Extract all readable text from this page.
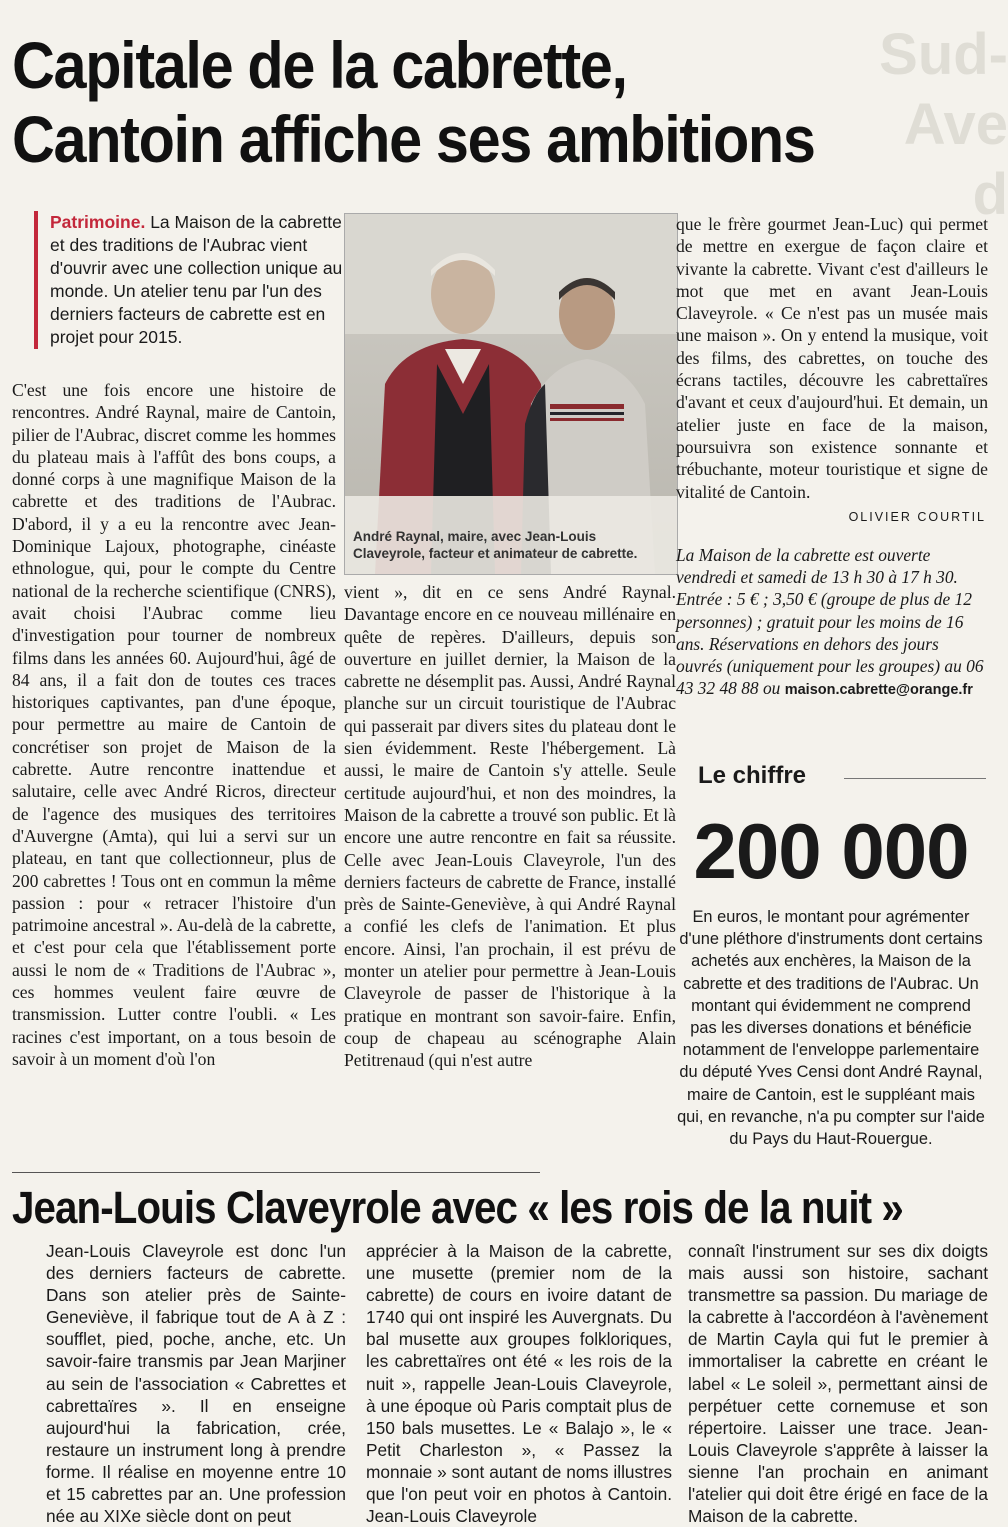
Sud-Ave
d
Capitale de la cabrette,
Cantoin affiche ses ambitions
Patrimoine. La Maison de la cabrette et des traditions de l'Aubrac vient d'ouvrir avec une collection unique au monde. Un atelier tenu par l'un des derniers facteurs de cabrette est en projet pour 2015.

C'est une fois encore une histoire de rencontres. André Raynal, maire de Cantoin, pilier de l'Aubrac, discret comme les hommes du plateau mais à l'affût des bons coups, a donné corps à une magnifique Maison de la cabrette et des traditions de l'Aubrac. D'abord, il y a eu la rencontre avec Jean-Dominique Lajoux, photographe, cinéaste ethnologue, qui, pour le compte du Centre national de la recherche scientifique (CNRS), avait choisi l'Aubrac comme lieu d'investigation pour tourner de nombreux films dans les années 60. Aujourd'hui, âgé de 84 ans, il a fait don de toutes ces traces historiques captivantes, pan d'une époque, pour permettre au maire de Cantoin de concrétiser son projet de Maison de la cabrette. Autre rencontre inattendue et salutaire, celle avec André Ricros, directeur de l'agence des musiques des territoires d'Auvergne (Amta), qui lui a servi sur un plateau, en tant que collectionneur, plus de 200 cabrettes ! Tous ont en commun la même passion : pour « retracer l'histoire d'un patrimoine ancestral ». Au-delà de la cabrette, et c'est pour cela que l'établissement porte aussi le nom de « Traditions de l'Aubrac », ces hommes veulent faire œuvre de transmission. Lutter contre l'oubli. « Les racines c'est important, on a tous besoin de savoir à un moment d'où l'on

André Raynal, maire, avec Jean-Louis Claveyrole, facteur et animateur de cabrette.

vient », dit en ce sens André Raynal. Davantage encore en ce nouveau millénaire en quête de repères. D'ailleurs, depuis son ouverture en juillet dernier, la Maison de la cabrette ne désemplit pas. Aussi, André Raynal planche sur un circuit touristique de l'Aubrac qui passerait par divers sites du plateau dont le sien évidemment. Reste l'hébergement. Là aussi, le maire de Cantoin s'y attelle. Seule certitude aujourd'hui, et non des moindres, la Maison de la cabrette a trouvé son public. Et là encore une autre rencontre en fait sa réussite. Celle avec Jean-Louis Claveyrole, l'un des derniers facteurs de cabrette de France, installé près de Sainte-Geneviève, à qui André Raynal a confié les clefs de l'animation. Et plus encore. Ainsi, l'an prochain, il est prévu de monter un atelier pour permettre à Jean-Louis Claveyrole de passer de l'historique à la pratique en montrant son savoir-faire. Enfin, coup de chapeau au scénographe Alain Petitrenaud (qui n'est autre

que le frère gourmet Jean-Luc) qui permet de mettre en exergue de façon claire et vivante la cabrette. Vivant c'est d'ailleurs le mot que met en avant Jean-Louis Claveyrole. « Ce n'est pas un musée mais une maison ». On y entend la musique, voit des films, des cabrettes, on touche des écrans tactiles, découvre les cabrettaïres d'avant et ceux d'aujourd'hui. Et demain, un atelier juste en face de la maison, poursuivra son existence sonnante et trébuchante, moteur touristique et signe de vitalité de Cantoin.

OLIVIER COURTIL

La Maison de la cabrette est ouverte vendredi et samedi de 13 h 30 à 17 h 30. Entrée : 5 € ; 3,50 € (groupe de plus de 12 personnes) ; gratuit pour les moins de 16 ans. Réservations en dehors des jours ouvrés (uniquement pour les groupes) au 06 43 32 48 88 ou maison.cabrette@orange.fr

Le chiffre
200 000
En euros, le montant pour agrémenter d'une pléthore d'instruments dont certains achetés aux enchères, la Maison de la cabrette et des traditions de l'Aubrac. Un montant qui évidemment ne comprend pas les diverses donations et bénéficie notamment de l'enveloppe parlementaire du député Yves Censi dont André Raynal, maire de Cantoin, est le suppléant mais qui, en revanche, n'a pu compter sur l'aide du Pays du Haut-Rouergue.
Jean-Louis Claveyrole avec « les rois de la nuit »

Jean-Louis Claveyrole est donc l'un des derniers facteurs de cabrette. Dans son atelier près de Sainte-Geneviève, il fabrique tout de A à Z : soufflet, pied, poche, anche, etc. Un savoir-faire transmis par Jean Marjiner au sein de l'association « Cabrettes et cabrettaïres ». Il en enseigne aujourd'hui la fabrication, crée, restaure un instrument long à prendre forme. Il réalise en moyenne entre 10 et 15 cabrettes par an. Une profession née au XIXe siècle dont on peut

apprécier à la Maison de la cabrette, une musette (premier nom de la cabrette) de cours en ivoire datant de 1740 qui ont inspiré les Auvergnats. Du bal musette aux groupes folkloriques, les cabrettaïres ont été « les rois de la nuit », rappelle Jean-Louis Claveyrole, à une époque où Paris comptait plus de 150 bals musettes. Le « Balajo », le « Petit Charleston », « Passez la monnaie » sont autant de noms illustres que l'on peut voir en photos à Cantoin. Jean-Louis Claveyrole

connaît l'instrument sur ses dix doigts mais aussi son histoire, sachant transmettre sa passion. Du mariage de la cabrette à l'accordéon à l'avènement de Martin Cayla qui fut le premier à immortaliser la cabrette en créant le label « Le soleil », permettant ainsi de perpétuer cette cornemuse et son répertoire. Laisser une trace. Jean-Louis Claveyrole s'apprête à laisser la sienne l'an prochain en animant l'atelier qui doit être érigé en face de la Maison de la cabrette.
